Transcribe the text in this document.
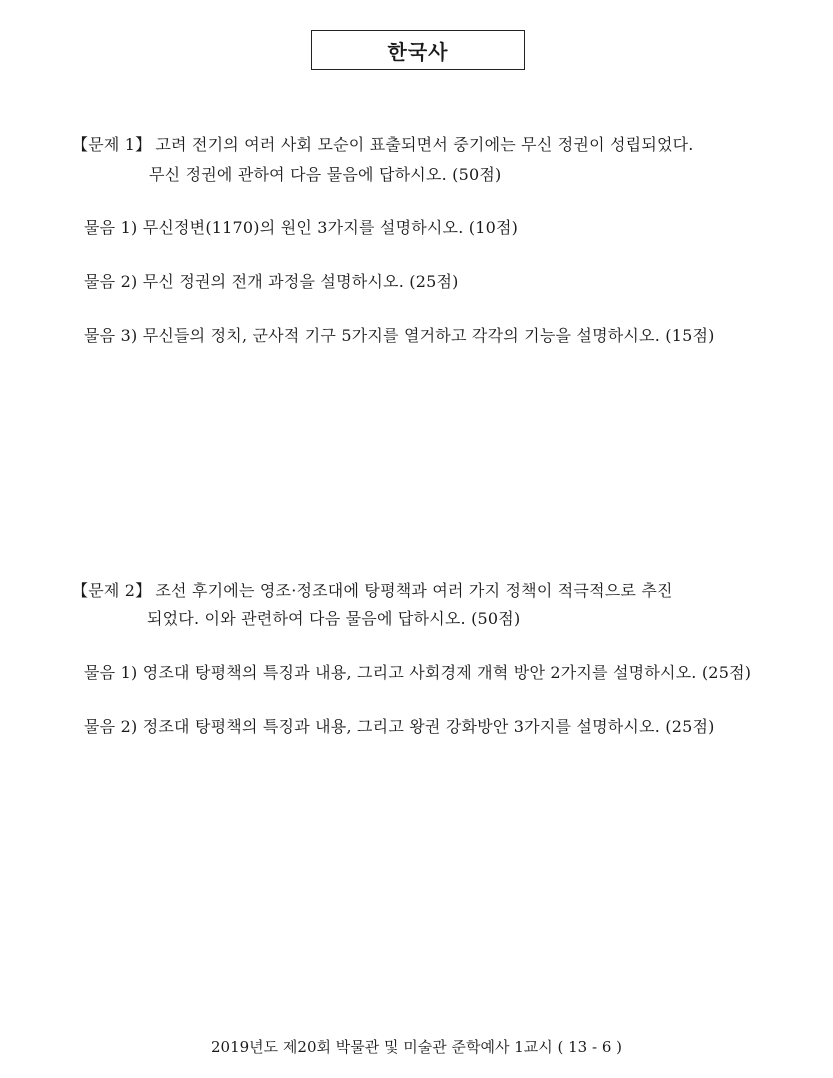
한국사
【문제 1】 고려 전기의 여러 사회 모순이 표출되면서 중기에는 무신 정권이 성립되었다.
무신 정권에 관하여 다음 물음에 답하시오. (50점)
물음 1) 무신정변(1170)의 원인 3가지를 설명하시오. (10점)
물음 2) 무신 정권의 전개 과정을 설명하시오. (25점)
물음 3) 무신들의 정치, 군사적 기구 5가지를 열거하고 각각의 기능을 설명하시오. (15점)
【문제 2】 조선 후기에는 영조·정조대에 탕평책과 여러 가지 정책이 적극적으로 추진
되었다. 이와 관련하여 다음 물음에 답하시오. (50점)
물음 1) 영조대 탕평책의 특징과 내용, 그리고 사회경제 개혁 방안 2가지를 설명하시오. (25점)
물음 2) 정조대 탕평책의 특징과 내용, 그리고 왕권 강화방안 3가지를 설명하시오. (25점)
2019년도 제20회 박물관 및 미술관 준학예사 1교시 ( 13 - 6 )
